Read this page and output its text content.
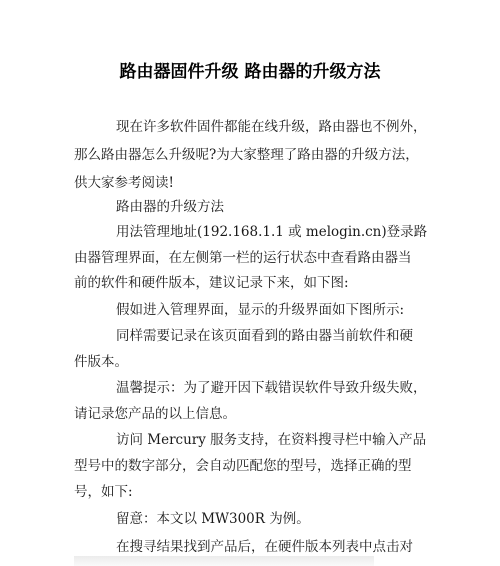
路由器固件升级 路由器的升级方法
现在许多软件固件都能在线升级，路由器也不例外，
那么路由器怎么升级呢?为大家整理了路由器的升级方法，
供大家参考阅读!
路由器的升级方法
用法管理地址(192.168.1.1 或 melogin.cn)登录路
由器管理界面，在左侧第一栏的运行状态中查看路由器当
前的软件和硬件版本，建议记录下来，如下图:
假如进入管理界面，显示的升级界面如下图所示:
同样需要记录在该页面看到的路由器当前软件和硬
件版本。
温馨提示：为了避开因下载错误软件导致升级失败，
请记录您产品的以上信息。
访问 Mercury 服务支持，在资料搜寻栏中输入产品
型号中的数字部分，会自动匹配您的型号，选择正确的型
号，如下:
留意：本文以 MW300R 为例。
在搜寻结果找到产品后，在硬件版本列表中点击对
